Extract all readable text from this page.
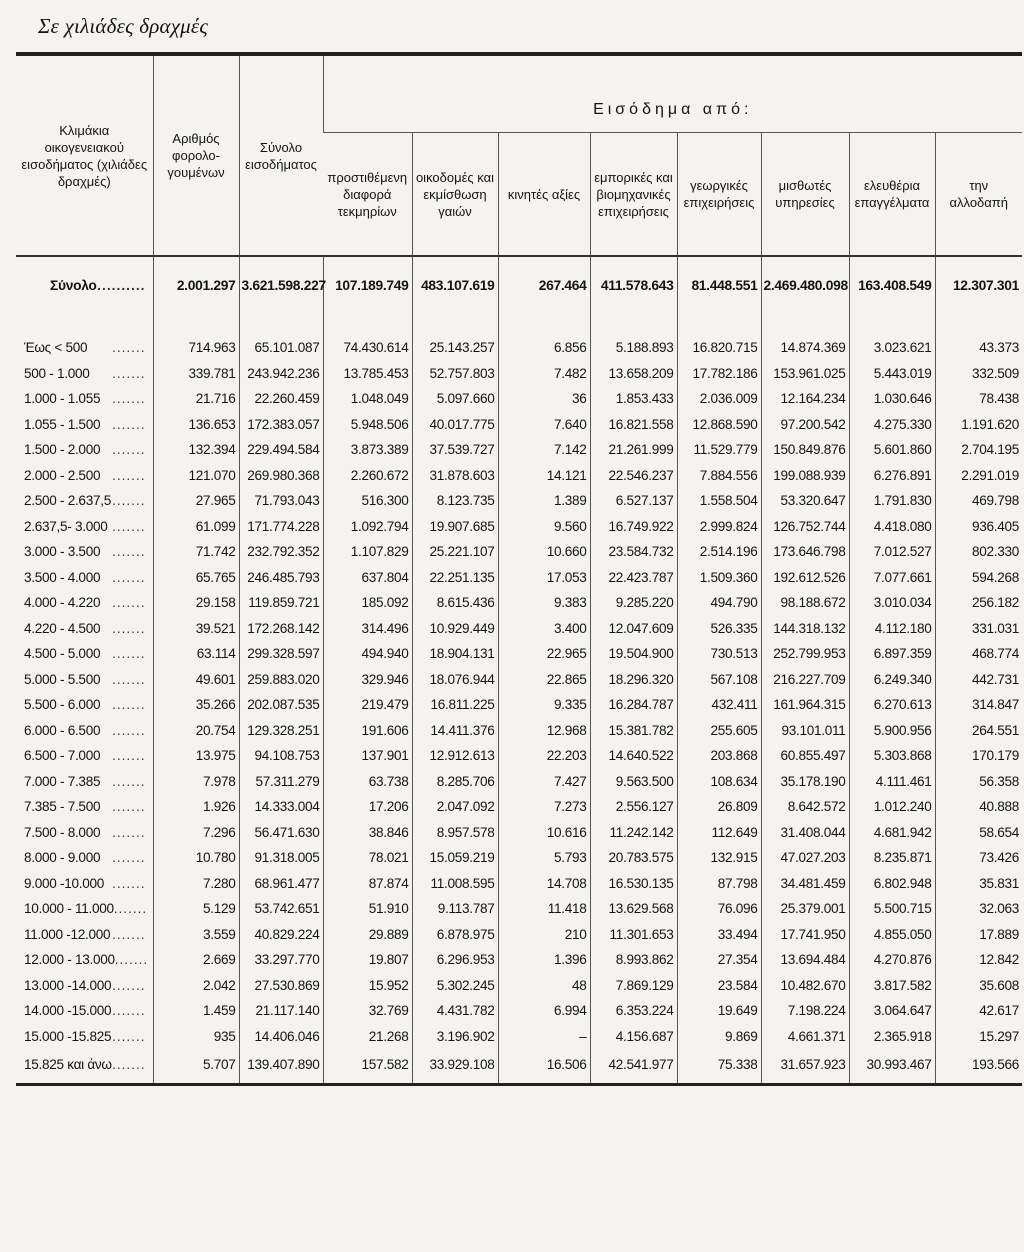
Σε χιλιάδες δραχμές

Κλιμάκια οικογενειακού εισοδήματος (χιλιάδες δραχμές)	Αριθμός φορολο- γουμένων	Σύνολο εισοδήματος	Εισόδημα από:							
			προστιθέμενη διαφορά τεκμηρίων	οικοδομές και εκμίσθωση γαιών	κινητές αξίες	εμπορικές και βιομηχανικές επιχειρήσεις	γεωργικές επιχειρήσεις	μισθωτές υπηρεσίες	ελευθέρια επαγγέλματα	την αλλοδαπή

Σύνολο ..........	2.001.297	3.621.598.227	107.189.749	483.107.619	267.464	411.578.643	81.448.551	2.469.480.098	163.408.549	12.307.301

Έως < 500 .......	714.963	65.101.087	74.430.614	25.143.257	6.856	5.188.893	16.820.715	14.874.369	3.023.621	43.373

500 - 1.000 .......	339.781	243.942.236	13.785.453	52.757.803	7.482	13.658.209	17.782.186	153.961.025	5.443.019	332.509

1.000 - 1.055 .......	21.716	22.260.459	1.048.049	5.097.660	36	1.853.433	2.036.009	12.164.234	1.030.646	78.438

1.055 - 1.500 .......	136.653	172.383.057	5.948.506	40.017.775	7.640	16.821.558	12.868.590	97.200.542	4.275.330	1.191.620

1.500 - 2.000 .......	132.394	229.494.584	3.873.389	37.539.727	7.142	21.261.999	11.529.779	150.849.876	5.601.860	2.704.195

2.000 - 2.500 .......	121.070	269.980.368	2.260.672	31.878.603	14.121	22.546.237	7.884.556	199.088.939	6.276.891	2.291.019

2.500 - 2.637,5 .......	27.965	71.793.043	516.300	8.123.735	1.389	6.527.137	1.558.504	53.320.647	1.791.830	469.798

2.637,5- 3.000 .......	61.099	171.774.228	1.092.794	19.907.685	9.560	16.749.922	2.999.824	126.752.744	4.418.080	936.405

3.000 - 3.500 .......	71.742	232.792.352	1.107.829	25.221.107	10.660	23.584.732	2.514.196	173.646.798	7.012.527	802.330

3.500 - 4.000 .......	65.765	246.485.793	637.804	22.251.135	17.053	22.423.787	1.509.360	192.612.526	7.077.661	594.268

4.000 - 4.220 .......	29.158	119.859.721	185.092	8.615.436	9.383	9.285.220	494.790	98.188.672	3.010.034	256.182

4.220 - 4.500 .......	39.521	172.268.142	314.496	10.929.449	3.400	12.047.609	526.335	144.318.132	4.112.180	331.031

4.500 - 5.000 .......	63.114	299.328.597	494.940	18.904.131	22.965	19.504.900	730.513	252.799.953	6.897.359	468.774

5.000 - 5.500 .......	49.601	259.883.020	329.946	18.076.944	22.865	18.296.320	567.108	216.227.709	6.249.340	442.731

5.500 - 6.000 .......	35.266	202.087.535	219.479	16.811.225	9.335	16.284.787	432.411	161.964.315	6.270.613	314.847

6.000 - 6.500 .......	20.754	129.328.251	191.606	14.411.376	12.968	15.381.782	255.605	93.101.011	5.900.956	264.551

6.500 - 7.000 .......	13.975	94.108.753	137.901	12.912.613	22.203	14.640.522	203.868	60.855.497	5.303.868	170.179

7.000 - 7.385 .......	7.978	57.311.279	63.738	8.285.706	7.427	9.563.500	108.634	35.178.190	4.111.461	56.358

7.385 - 7.500 .......	1.926	14.333.004	17.206	2.047.092	7.273	2.556.127	26.809	8.642.572	1.012.240	40.888

7.500 - 8.000 .......	7.296	56.471.630	38.846	8.957.578	10.616	11.242.142	112.649	31.408.044	4.681.942	58.654

8.000 - 9.000 .......	10.780	91.318.005	78.021	15.059.219	5.793	20.783.575	132.915	47.027.203	8.235.871	73.426

9.000 -10.000 .......	7.280	68.961.477	87.874	11.008.595	14.708	16.530.135	87.798	34.481.459	6.802.948	35.831

10.000 - 11.000 .......	5.129	53.742.651	51.910	9.113.787	11.418	13.629.568	76.096	25.379.001	5.500.715	32.063

11.000 -12.000 .......	3.559	40.829.224	29.889	6.878.975	210	11.301.653	33.494	17.741.950	4.855.050	17.889

12.000 - 13.000 .......	2.669	33.297.770	19.807	6.296.953	1.396	8.993.862	27.354	13.694.484	4.270.876	12.842

13.000 -14.000 .......	2.042	27.530.869	15.952	5.302.245	48	7.869.129	23.584	10.482.670	3.817.582	35.608

14.000 -15.000 .......	1.459	21.117.140	32.769	4.431.782	6.994	6.353.224	19.649	7.198.224	3.064.647	42.617

15.000 -15.825 .......	935	14.406.046	21.268	3.196.902	–	4.156.687	9.869	4.661.371	2.365.918	15.297

15.825 και άνω .......	5.707	139.407.890	157.582	33.929.108	16.506	42.541.977	75.338	31.657.923	30.993.467	193.566
